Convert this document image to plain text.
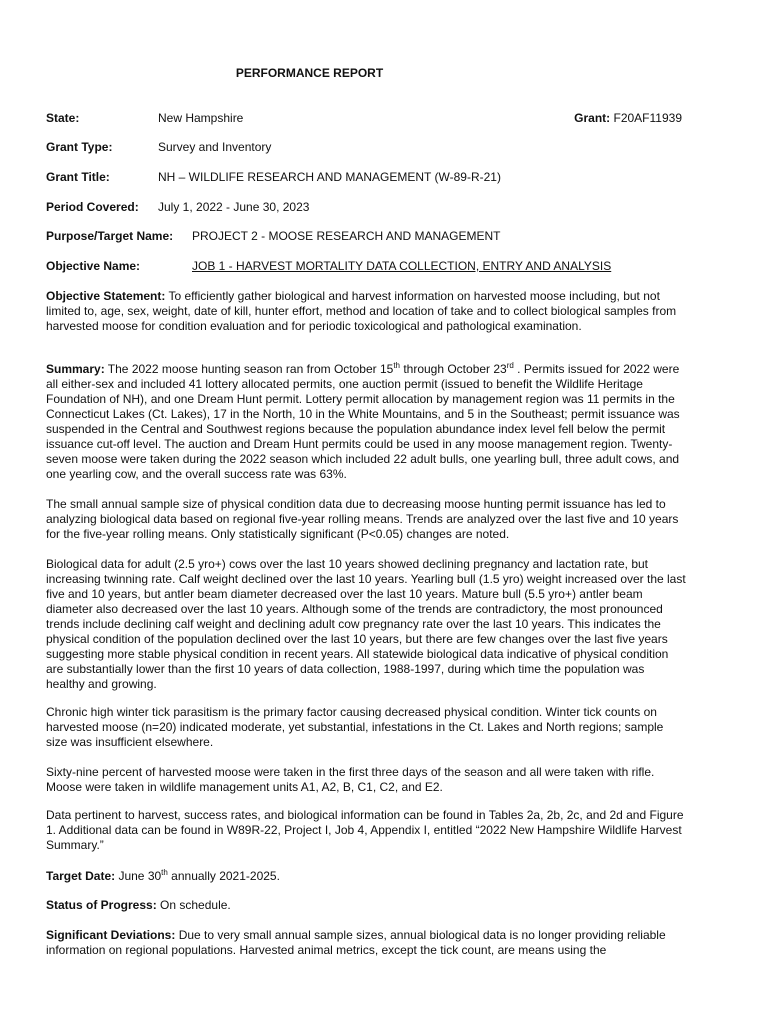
PERFORMANCE REPORT
State:	New Hampshire	Grant: F20AF11939
Grant Type:	Survey and Inventory
Grant Title:	NH – WILDLIFE RESEARCH AND MANAGEMENT (W-89-R-21)
Period Covered: July 1, 2022 - June 30, 2023
Purpose/Target Name: PROJECT 2 - MOOSE RESEARCH AND MANAGEMENT
Objective Name:	JOB 1 - HARVEST MORTALITY DATA COLLECTION, ENTRY AND ANALYSIS

Objective Statement: To efficiently gather biological and harvest information on harvested moose including, but not limited to, age, sex, weight, date of kill, hunter effort, method and location of take and to collect biological samples from harvested moose for condition evaluation and for periodic toxicological and pathological examination.

Summary: The 2022 moose hunting season ran from October 15th through October 23rd . Permits issued for 2022 were all either-sex and included 41 lottery allocated permits, one auction permit (issued to benefit the Wildlife Heritage Foundation of NH), and one Dream Hunt permit. Lottery permit allocation by management region was 11 permits in the Connecticut Lakes (Ct. Lakes), 17 in the North, 10 in the White Mountains, and 5 in the Southeast; permit issuance was suspended in the Central and Southwest regions because the population abundance index level fell below the permit issuance cut-off level. The auction and Dream Hunt permits could be used in any moose management region. Twenty-seven moose were taken during the 2022 season which included 22 adult bulls, one yearling bull, three adult cows, and one yearling cow, and the overall success rate was 63%.

The small annual sample size of physical condition data due to decreasing moose hunting permit issuance has led to analyzing biological data based on regional five-year rolling means. Trends are analyzed over the last five and 10 years for the five-year rolling means. Only statistically significant (P<0.05) changes are noted.

Biological data for adult (2.5 yro+) cows over the last 10 years showed declining pregnancy and lactation rate, but increasing twinning rate. Calf weight declined over the last 10 years. Yearling bull (1.5 yro) weight increased over the last five and 10 years, but antler beam diameter decreased over the last 10 years. Mature bull (5.5 yro+) antler beam diameter also decreased over the last 10 years. Although some of the trends are contradictory, the most pronounced trends include declining calf weight and declining adult cow pregnancy rate over the last 10 years. This indicates the physical condition of the population declined over the last 10 years, but there are few changes over the last five years suggesting more stable physical condition in recent years. All statewide biological data indicative of physical condition are substantially lower than the first 10 years of data collection, 1988-1997, during which time the population was healthy and growing.

Chronic high winter tick parasitism is the primary factor causing decreased physical condition. Winter tick counts on harvested moose (n=20) indicated moderate, yet substantial, infestations in the Ct. Lakes and North regions; sample size was insufficient elsewhere.

Sixty-nine percent of harvested moose were taken in the first three days of the season and all were taken with rifle. Moose were taken in wildlife management units A1, A2, B, C1, C2, and E2.

Data pertinent to harvest, success rates, and biological information can be found in Tables 2a, 2b, 2c, and 2d and Figure 1. Additional data can be found in W89R-22, Project I, Job 4, Appendix I, entitled “2022 New Hampshire Wildlife Harvest Summary.”

Target Date: June 30th annually 2021-2025.

Status of Progress: On schedule.

Significant Deviations: Due to very small annual sample sizes, annual biological data is no longer providing reliable information on regional populations. Harvested animal metrics, except the tick count, are means using the
